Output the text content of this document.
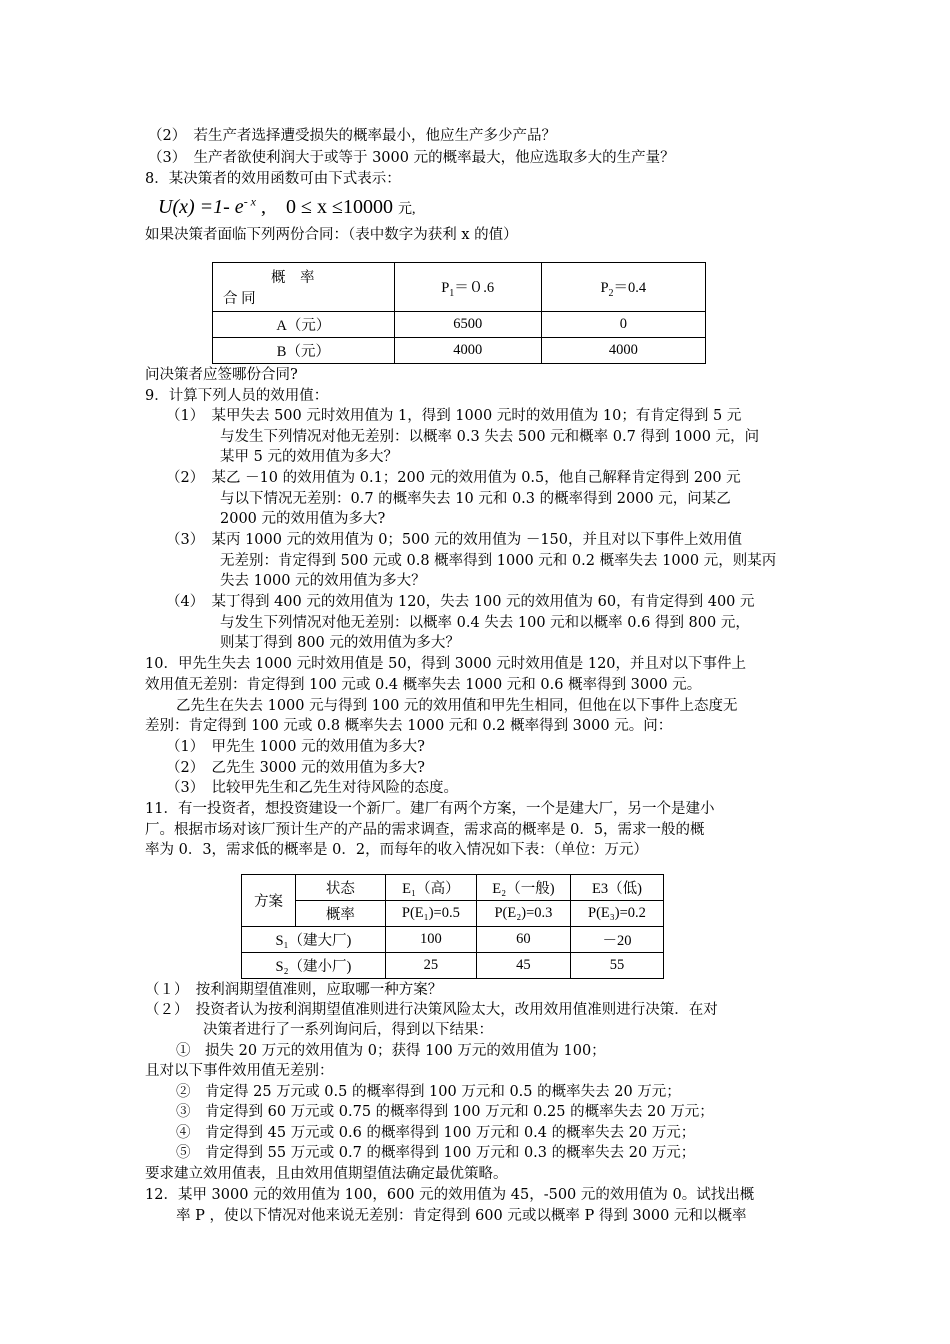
（2）　若生产者选择遭受损失的概率最小，他应生产多少产品？
（3）　生产者欲使利润大于或等于 3000 元的概率最大，他应选取多大的生产量？
8．某决策者的效用函数可由下式表示：
U(x) =1- $e^{- x}$ ,　0 ≤ x ≤10000 元,
如果决策者面临下列两份合同：（表中数字为获利 x 的值）
概　率
合 同	$P_1=0.6$	$P_2=0.4$
A（元）	6500	0
B（元）	4000	4000
问决策者应签哪份合同?
9．计算下列人员的效用值：
（1）　某甲失去 500 元时效用值为 1，得到 1000 元时的效用值为 10；有肯定得到 5 元
与发生下列情况对他无差别：以概率 0.3 失去 500 元和概率 0.7 得到 1000 元，问
某甲 5 元的效用值为多大？
（2）　某乙 －10 的效用值为 0.1；200 元的效用值为 0.5，他自己解释肯定得到 200 元
与以下情况无差别：0.7 的概率失去 10 元和 0.3 的概率得到 2000 元，问某乙
2000 元的效用值为多大?
（3）　某丙 1000 元的效用值为 0；500 元的效用值为 －150，并且对以下事件上效用值
无差别：肯定得到 500 元或 0.8 概率得到 1000 元和 0.2 概率失去 1000 元，则某丙
失去 1000 元的效用值为多大？
（4）　某丁得到 400 元的效用值为 120，失去 100 元的效用值为 60，有肯定得到 400 元
与发生下列情况对他无差别：以概率 0.4 失去 100 元和以概率 0.6 得到 800 元，
则某丁得到 800 元的效用值为多大？
10．甲先生失去 1000 元时效用值是 50，得到 3000 元时效用值是 120，并且对以下事件上
效用值无差别：肯定得到 100 元或 0.4 概率失去 1000 元和 0.6 概率得到 3000 元。
乙先生在失去 1000 元与得到 100 元的效用值和甲先生相同，但他在以下事件上态度无
差别：肯定得到 100 元或 0.8 概率失去 1000 元和 0.2 概率得到 3000 元。问：
（1）　甲先生 1000 元的效用值为多大?
（2）　乙先生 3000 元的效用值为多大?
（3）　比较甲先生和乙先生对待风险的态度。
11．有一投资者，想投资建设一个新厂。建厂有两个方案，一个是建大厂，另一个是建小
厂。根据市场对该厂预计生产的产品的需求调查，需求高的概率是 0．5，需求一般的概
率为 0．3，需求低的概率是 0．2，而每年的收入情况如下表：（单位：万元）
方案	状态	E₁（高）	E₂（一般)	E3（低)
	概率	P(E₁)=0.5	P(E₂)=0.3	P(E₃)=0.2
S₁（建大厂)		100	60	－20
S₂（建小厂)		25	45	55
（１）　按利润期望值准则，应取哪一种方案？
（２）　投资者认为按利润期望值准则进行决策风险太大，改用效用值准则进行决策．在对
决策者进行了一系列询问后，得到以下结果：
①　损失 20 万元的效用值为 0；获得 100 万元的效用值为 100；
且对以下事件效用值无差别：
②　肯定得 25 万元或 0.5 的概率得到 100 万元和 0.5 的概率失去 20 万元；
③　肯定得到 60 万元或 0.75 的概率得到 100 万元和 0.25 的概率失去 20 万元；
④　肯定得到 45 万元或 0.6 的概率得到 100 万元和 0.4 的概率失去 20 万元；
⑤　肯定得到 55 万元或 0.7 的概率得到 100 万元和 0.3 的概率失去 20 万元；
要求建立效用值表，且由效用值期望值法确定最优策略。
12．某甲 3000 元的效用值为 100，600 元的效用值为 45，-500 元的效用值为 0。试找出概
率 P ，使以下情况对他来说无差别：肯定得到 600 元或以概率 P 得到 3000 元和以概率
